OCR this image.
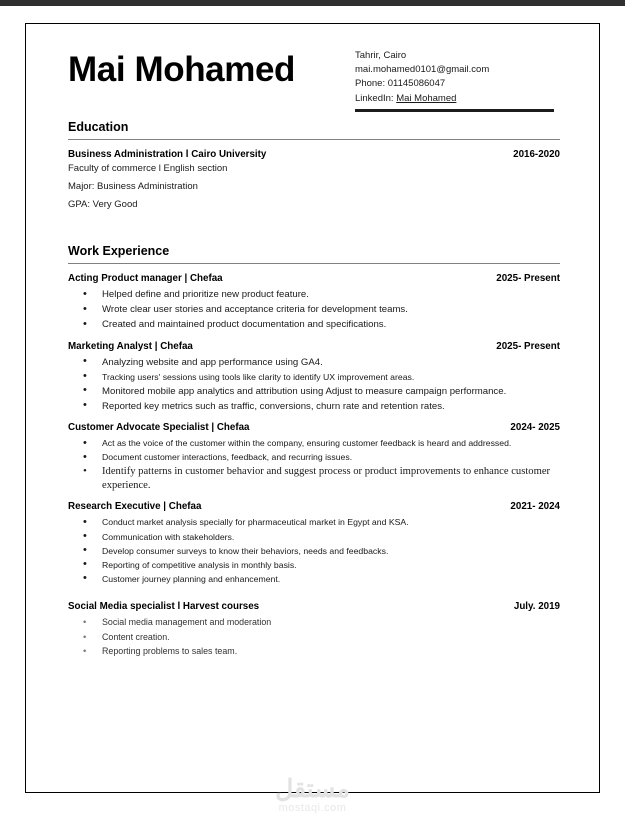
Mai Mohamed	Tahrir, Cairo
mai.mohamed0101@gmail.com
Phone: 01145086047
LinkedIn: Mai Mohamed
Education
Business Administration l Cairo University	2016-2020
Faculty of commerce l English section
Major: Business Administration
GPA: Very Good
Work Experience
Acting Product manager | Chefaa	2025- Present
• Helped define and prioritize new product feature.
• Wrote clear user stories and acceptance criteria for development teams.
• Created and maintained product documentation and specifications.
Marketing Analyst | Chefaa	2025- Present
• Analyzing website and app performance using GA4.
• Tracking users' sessions using tools like clarity to identify UX improvement areas.
• Monitored mobile app analytics and attribution using Adjust to measure campaign performance.
• Reported key metrics such as traffic, conversions, churn rate and retention rates.
Customer Advocate Specialist | Chefaa	2024- 2025
• Act as the voice of the customer within the company, ensuring customer feedback is heard and addressed.
• Document customer interactions, feedback, and recurring issues.
• Identify patterns in customer behavior and suggest process or product improvements to enhance customer experience.
Research Executive | Chefaa	2021- 2024
• Conduct market analysis specially for pharmaceutical market in Egypt and KSA.
• Communication with stakeholders.
• Develop consumer surveys to know their behaviors, needs and feedbacks.
• Reporting of competitive analysis in monthly basis.
• Customer journey planning and enhancement.
Social Media specialist l Harvest courses	July. 2019
• Social media management and moderation
• Content creation.
• Reporting problems to sales team.
مستقل
mostaqi.com
